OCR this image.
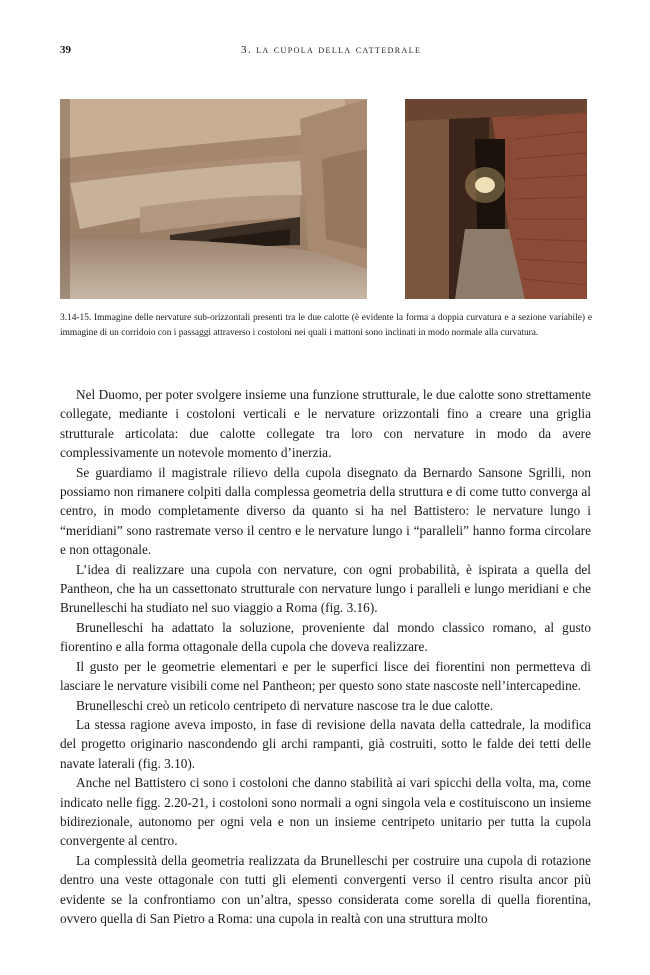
39	3. la cupola della cattedrale
3.14-15. Immagine delle nervature sub-orizzontali presenti tra le due calotte (è evidente la forma a doppia curvatura e a sezione variabile) e immagine di un corridoio con i passaggi attraverso i costoloni nei quali i mattoni sono inclinati in modo normale alla curvatura.

Nel Duomo, per poter svolgere insieme una funzione strutturale, le due calotte sono strettamente collegate, mediante i costoloni verticali e le nervature orizzontali fino a creare una griglia strutturale articolata: due calotte collegate tra loro con nervature in modo da avere complessivamente un notevole momento d’inerzia.

Se guardiamo il magistrale rilievo della cupola disegnato da Bernardo Sansone Sgrilli, non possiamo non rimanere colpiti dalla complessa geometria della struttura e di come tutto converga al centro, in modo completamente diverso da quanto si ha nel Battistero: le nervature lungo i “meridiani” sono rastremate verso il centro e le nervature lungo i “paralleli” hanno forma circolare e non ottagonale.

L’idea di realizzare una cupola con nervature, con ogni probabilità, è ispirata a quella del Pantheon, che ha un cassettonato strutturale con nervature lungo i paralleli e lungo meridiani e che Brunelleschi ha studiato nel suo viaggio a Roma (fig. 3.16).

Brunelleschi ha adattato la soluzione, proveniente dal mondo classico romano, al gusto fiorentino e alla forma ottagonale della cupola che doveva realizzare.

Il gusto per le geometrie elementari e per le superfici lisce dei fiorentini non permetteva di lasciare le nervature visibili come nel Pantheon; per questo sono state nascoste nell’intercapedine.

Brunelleschi creò un reticolo centripeto di nervature nascose tra le due calotte.

La stessa ragione aveva imposto, in fase di revisione della navata della cattedrale, la modifica del progetto originario nascondendo gli archi rampanti, già costruiti, sotto le falde dei tetti delle navate laterali (fig. 3.10).

Anche nel Battistero ci sono i costoloni che danno stabilità ai vari spicchi della volta, ma, come indicato nelle figg. 2.20-21, i costoloni sono normali a ogni singola vela e costituiscono un insieme bidirezionale, autonomo per ogni vela e non un insieme centripeto unitario per tutta la cupola convergente al centro.

La complessità della geometria realizzata da Brunelleschi per costruire una cupola di rotazione dentro una veste ottagonale con tutti gli elementi convergenti verso il centro risulta ancor più evidente se la confrontiamo con un’altra, spesso considerata come sorella di quella fiorentina, ovvero quella di San Pietro a Roma: una cupola in realtà con una struttura molto
